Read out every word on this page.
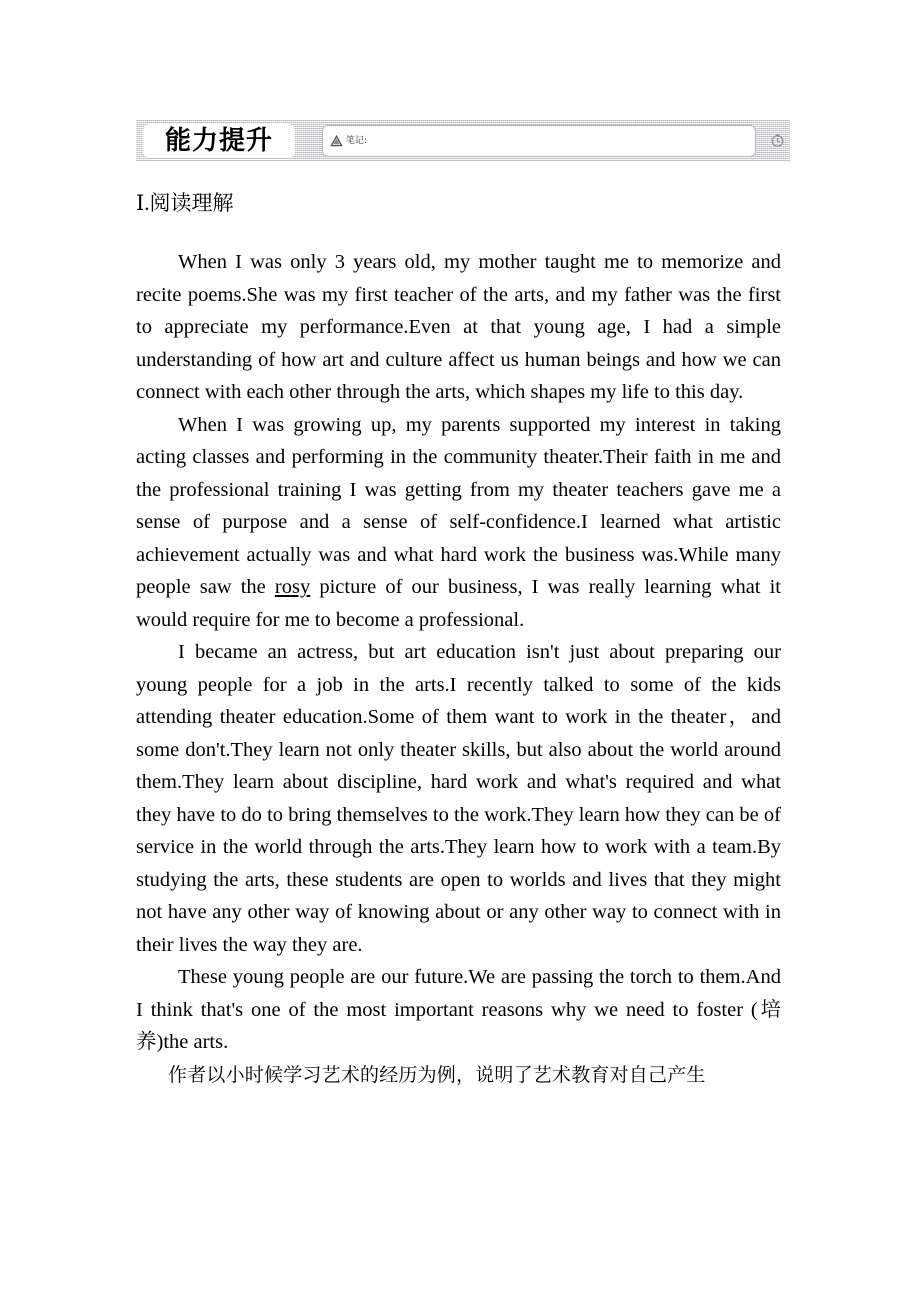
能力提升	笔记:
Ⅰ.阅读理解

When I was only 3 years old, my mother taught me to memorize and recite poems.She was my first teacher of the arts, and my father was the first to appreciate my performance.Even at that young age, I had a simple understanding of how art and culture affect us human beings and how we can connect with each other through the arts, which shapes my life to this day.

When I was growing up, my parents supported my interest in taking acting classes and performing in the community theater.Their faith in me and the professional training I was getting from my theater teachers gave me a sense of purpose and a sense of self-confidence.I learned what artistic achievement actually was and what hard work the business was.While many people saw the rosy picture of our business, I was really learning what it would require for me to become a professional.

I became an actress, but art education isn't just about preparing our young people for a job in the arts.I recently talked to some of the kids attending theater education.Some of them want to work in the theater，and some don't.They learn not only theater skills, but also about the world around them.They learn about discipline, hard work and what's required and what they have to do to bring themselves to the work.They learn how they can be of service in the world through the arts.They learn how to work with a team.By studying the arts, these students are open to worlds and lives that they might not have any other way of knowing about or any other way to connect with in their lives the way they are.

These young people are our future.We are passing the torch to them.And I think that's one of the most important reasons why we need to foster (培养)the arts.

作者以小时候学习艺术的经历为例，说明了艺术教育对自己产生
